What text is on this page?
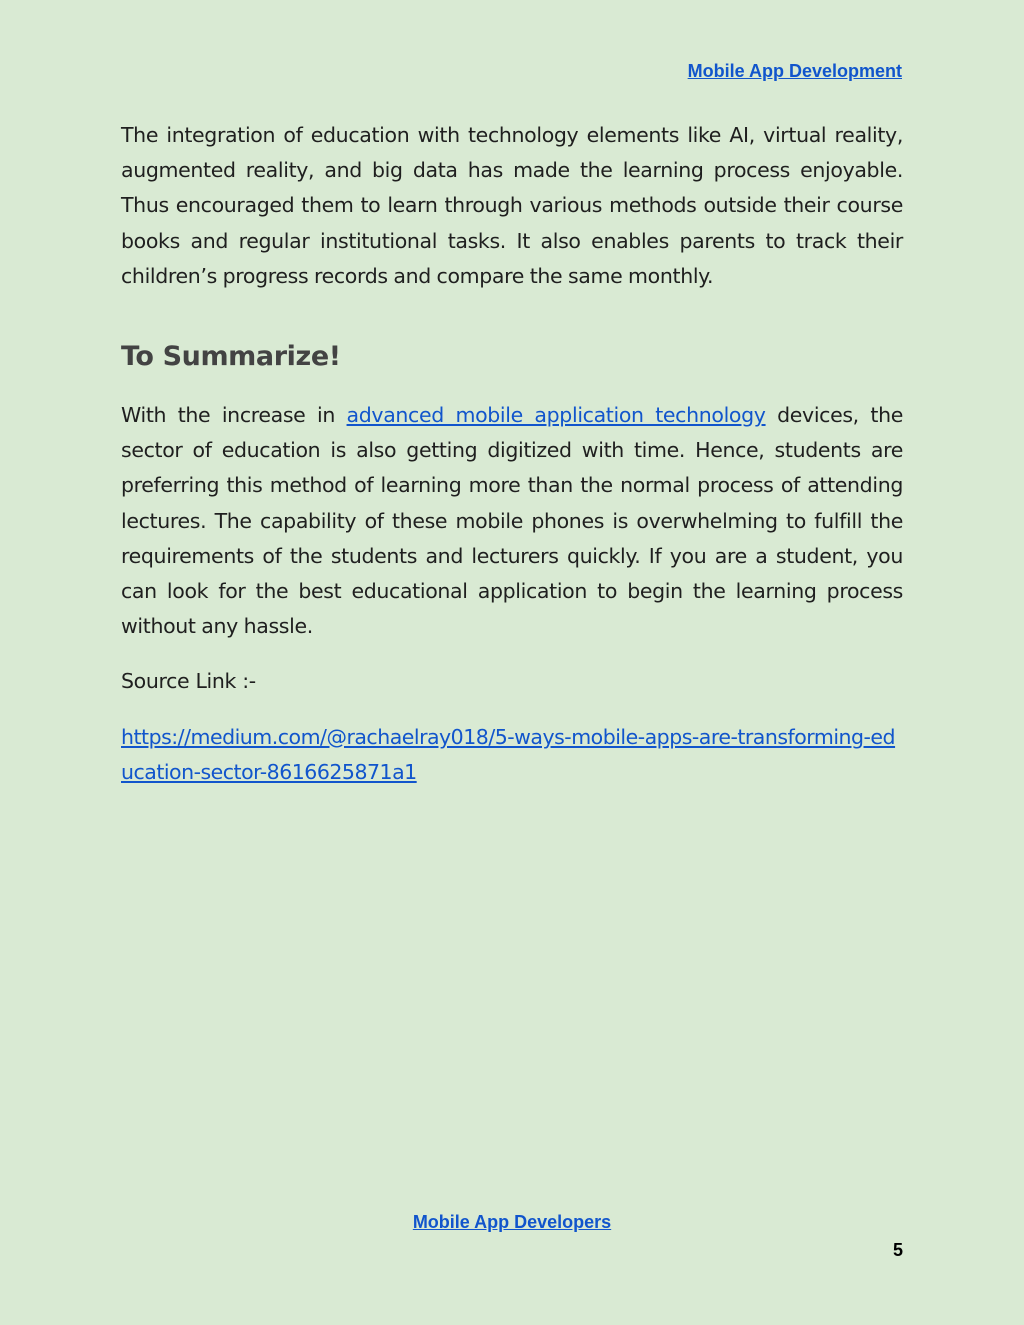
Mobile App Development

The integration of education with technology elements like AI, virtual reality, augmented reality, and big data has made the learning process enjoyable. Thus encouraged them to learn through various methods outside their course books and regular institutional tasks. It also enables parents to track their children’s progress records and compare the same monthly.

To Summarize!

With the increase in advanced mobile application technology devices, the sector of education is also getting digitized with time. Hence, students are preferring this method of learning more than the normal process of attending lectures. The capability of these mobile phones is overwhelming to fulfill the requirements of the students and lecturers quickly. If you are a student, you can look for the best educational application to begin the learning process without any hassle.

Source Link :-

https://medium.com/@rachaelray018/5-ways-mobile-apps-are-transforming-education-sector-8616625871a1
Mobile App Developers
5
